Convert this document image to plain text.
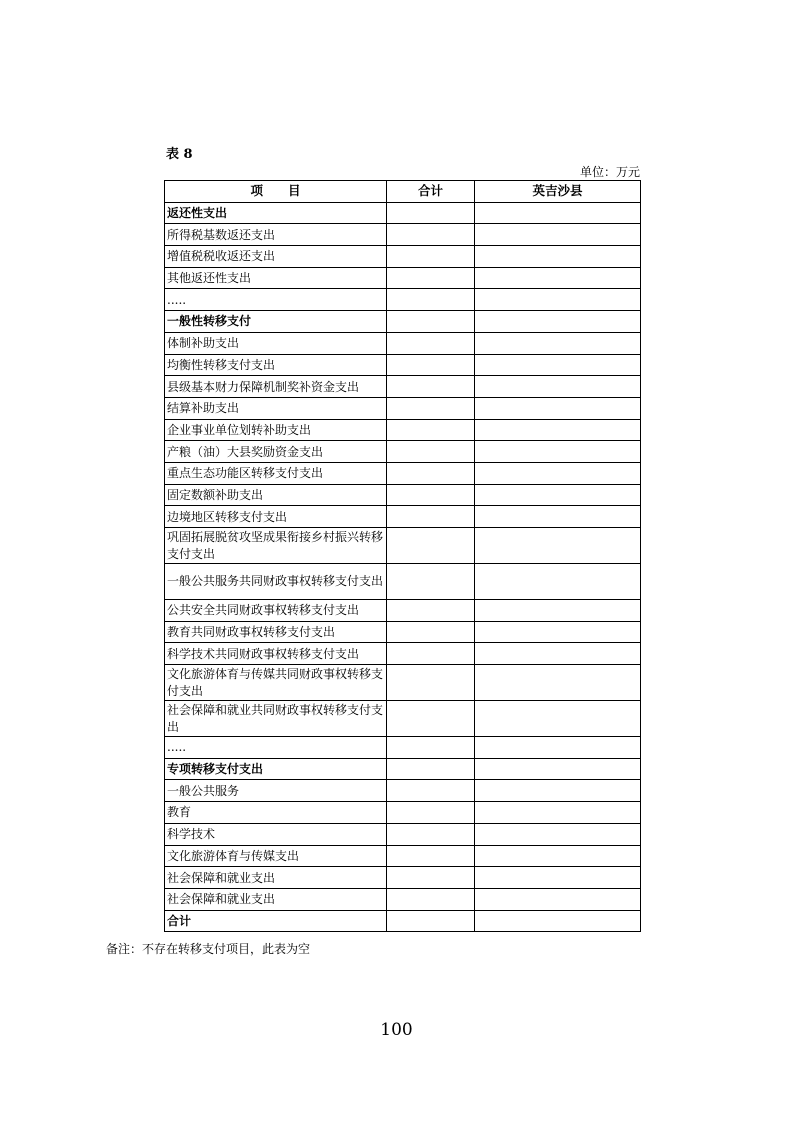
表 8
单位：万元
项　　目	合计	英吉沙县
返还性支出		
所得税基数返还支出		
增值税税收返还支出		
其他返还性支出		
.....		
一般性转移支付		
体制补助支出		
均衡性转移支付支出		
县级基本财力保障机制奖补资金支出		
结算补助支出		
企业事业单位划转补助支出		
产粮（油）大县奖励资金支出		
重点生态功能区转移支付支出		
固定数额补助支出		
边境地区转移支付支出		
巩固拓展脱贫攻坚成果衔接乡村振兴转移支付支出		
一般公共服务共同财政事权转移支付支出		
公共安全共同财政事权转移支付支出		
教育共同财政事权转移支付支出		
科学技术共同财政事权转移支付支出		
文化旅游体育与传媒共同财政事权转移支付支出		
社会保障和就业共同财政事权转移支付支出		
.....		
专项转移支付支出		
一般公共服务		
教育		
科学技术		
文化旅游体育与传媒支出		
社会保障和就业支出		
社会保障和就业支出		
合计		
备注：不存在转移支付项目，此表为空
100
